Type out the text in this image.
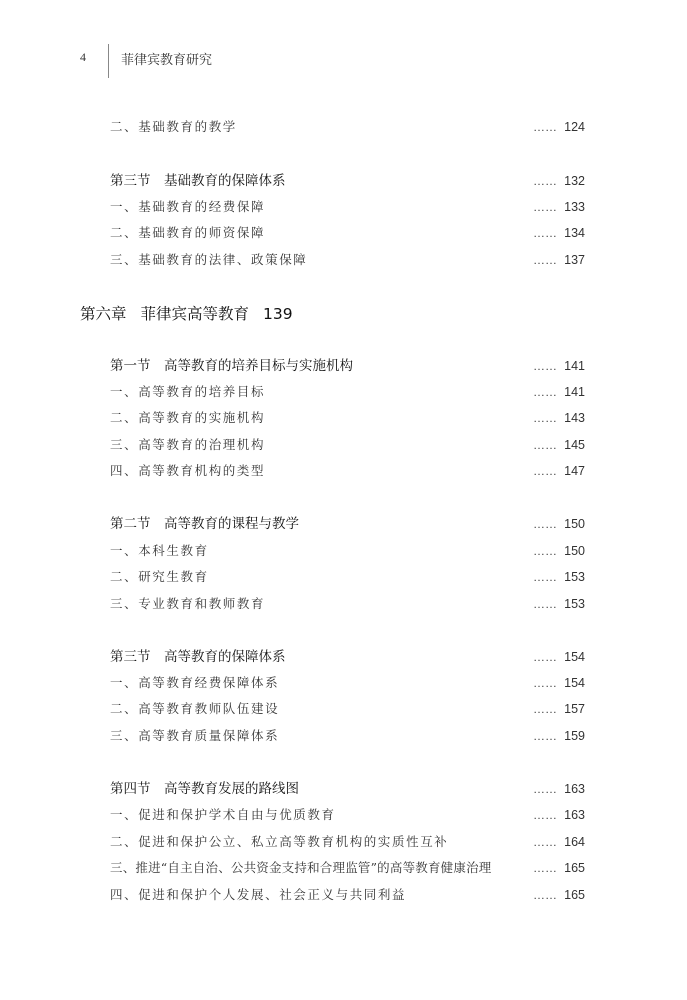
4	菲律宾教育研究
二、基础教育的教学	…… 124
第三节　基础教育的保障体系	…… 132
一、基础教育的经费保障	…… 133
二、基础教育的师资保障	…… 134
三、基础教育的法律、政策保障	…… 137
第六章 菲律宾高等教育 139
第一节　高等教育的培养目标与实施机构	…… 141
一、高等教育的培养目标	…… 141
二、高等教育的实施机构	…… 143
三、高等教育的治理机构	…… 145
四、高等教育机构的类型	…… 147
第二节　高等教育的课程与教学	…… 150
一、本科生教育	…… 150
二、研究生教育	…… 153
三、专业教育和教师教育	…… 153
第三节　高等教育的保障体系	…… 154
一、高等教育经费保障体系	…… 154
二、高等教育教师队伍建设	…… 157
三、高等教育质量保障体系	…… 159
第四节　高等教育发展的路线图	…… 163
一、促进和保护学术自由与优质教育	…… 163
二、促进和保护公立、私立高等教育机构的实质性互补	…… 164
三、推进“自主自治、公共资金支持和合理监管”的高等教育健康治理	…… 165
四、促进和保护个人发展、社会正义与共同利益	…… 165
